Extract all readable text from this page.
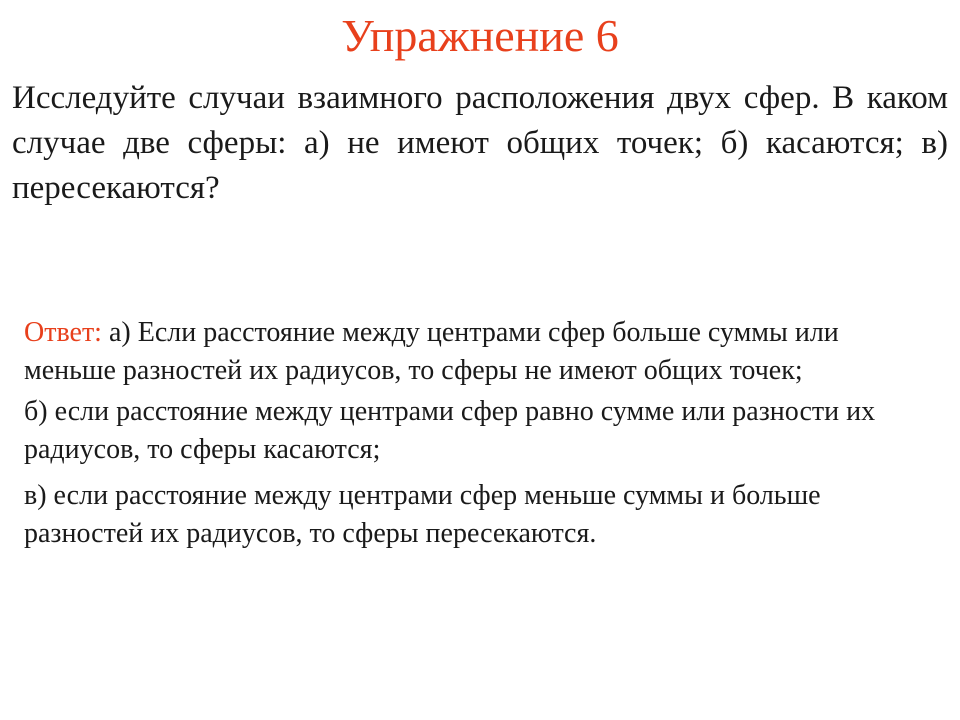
Упражнение 6

Исследуйте случаи взаимного расположения двух сфер. В каком случае две сферы: а) не имеют общих точек; б) касаются; в) пересекаются?

Ответ: а) Если расстояние между центрами сфер больше суммы или меньше разностей их радиусов, то сферы не имеют общих точек;

б) если расстояние между центрами сфер равно сумме или разности их радиусов, то сферы касаются;

в) если расстояние между центрами сфер меньше суммы и больше разностей их радиусов, то сферы пересекаются.
